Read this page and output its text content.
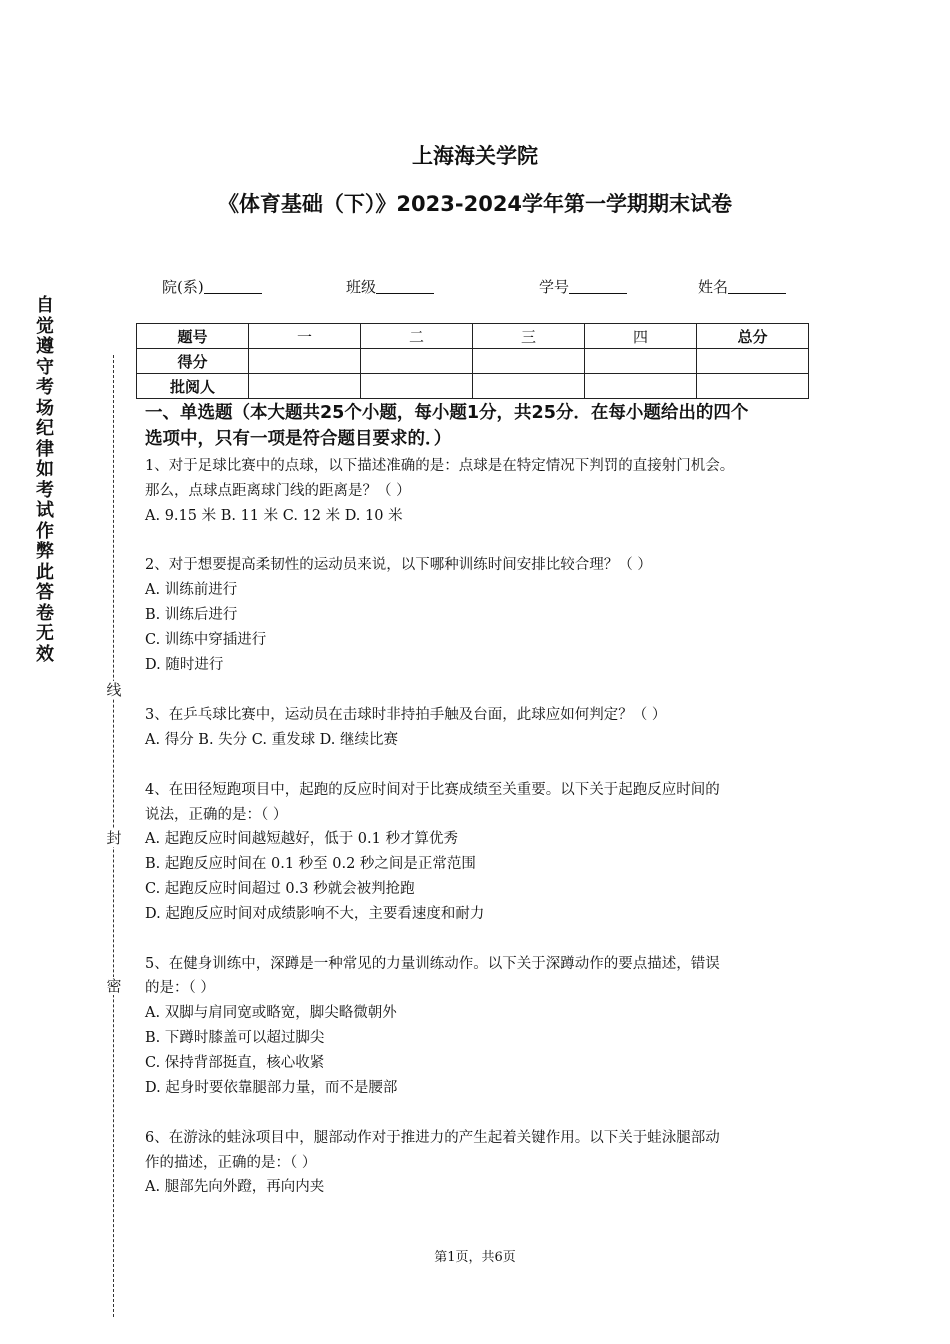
自觉遵守考场纪律如考试作弊此答卷无效
线
封
密
上海海关学院
《体育基础（下）》2023-2024学年第一学期期末试卷
院(系)	班级	学号	姓名
题号	一	二	三	四	总分
得分					
批阅人					
一、单选题（本大题共25个小题，每小题1分，共25分．在每小题给出的四个
选项中，只有一项是符合题目要求的．）
1、对于足球比赛中的点球，以下描述准确的是：点球是在特定情况下判罚的直接射门机会。
那么，点球点距离球门线的距离是？（ ）
A. 9.15 米 B. 11 米 C. 12 米 D. 10 米
2、对于想要提高柔韧性的运动员来说，以下哪种训练时间安排比较合理？（ ）
A. 训练前进行
B. 训练后进行
C. 训练中穿插进行
D. 随时进行
3、在乒乓球比赛中，运动员在击球时非持拍手触及台面，此球应如何判定？（ ）
A. 得分 B. 失分 C. 重发球 D. 继续比赛
4、在田径短跑项目中，起跑的反应时间对于比赛成绩至关重要。以下关于起跑反应时间的
说法，正确的是：（ ）
A. 起跑反应时间越短越好，低于 0.1 秒才算优秀
B. 起跑反应时间在 0.1 秒至 0.2 秒之间是正常范围
C. 起跑反应时间超过 0.3 秒就会被判抢跑
D. 起跑反应时间对成绩影响不大，主要看速度和耐力
5、在健身训练中，深蹲是一种常见的力量训练动作。以下关于深蹲动作的要点描述，错误
的是：（ ）
A. 双脚与肩同宽或略宽，脚尖略微朝外
B. 下蹲时膝盖可以超过脚尖
C. 保持背部挺直，核心收紧
D. 起身时要依靠腿部力量，而不是腰部
6、在游泳的蛙泳项目中，腿部动作对于推进力的产生起着关键作用。以下关于蛙泳腿部动
作的描述，正确的是：（ ）
A. 腿部先向外蹬，再向内夹
第1页，共6页
